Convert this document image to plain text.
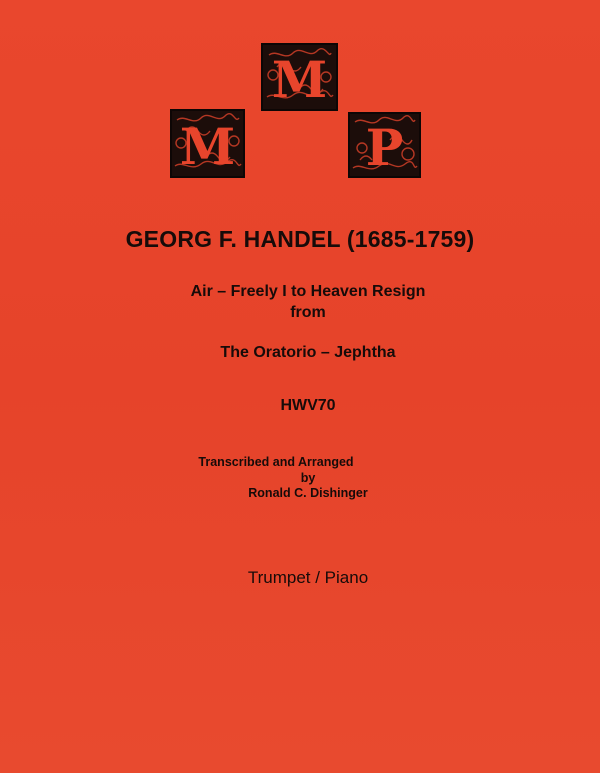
M
M	P
GEORG F. HANDEL (1685-1759)
Air – Freely I to Heaven Resign
from
The Oratorio – Jephtha
HWV70
Transcribed and Arranged
by
Ronald C. Dishinger
Trumpet / Piano
